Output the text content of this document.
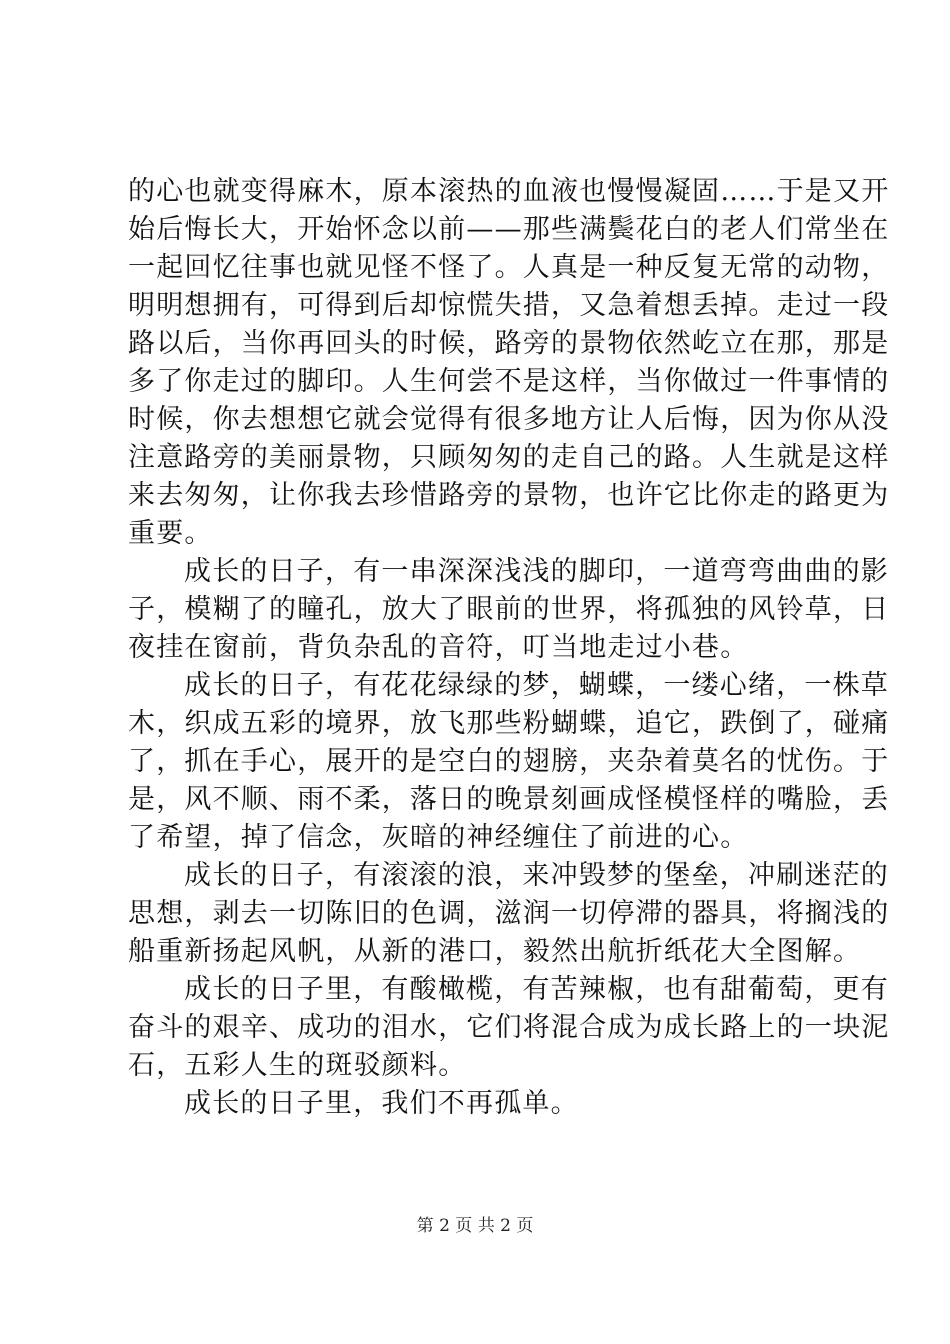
的心也就变得麻木，原本滚热的血液也慢慢凝固……于是又开
始后悔长大，开始怀念以前——那些满鬓花白的老人们常坐在
一起回忆往事也就见怪不怪了。人真是一种反复无常的动物，
明明想拥有，可得到后却惊慌失措，又急着想丢掉。走过一段
路以后，当你再回头的时候，路旁的景物依然屹立在那，那是
多了你走过的脚印。人生何尝不是这样，当你做过一件事情的
时候，你去想想它就会觉得有很多地方让人后悔，因为你从没
注意路旁的美丽景物，只顾匆匆的走自己的路。人生就是这样
来去匆匆，让你我去珍惜路旁的景物，也许它比你走的路更为
重要。
成长的日子，有一串深深浅浅的脚印，一道弯弯曲曲的影
子，模糊了的瞳孔，放大了眼前的世界，将孤独的风铃草，日
夜挂在窗前，背负杂乱的音符，叮当地走过小巷。
成长的日子，有花花绿绿的梦，蝴蝶，一缕心绪，一株草
木，织成五彩的境界，放飞那些粉蝴蝶，追它，跌倒了，碰痛
了，抓在手心，展开的是空白的翅膀，夹杂着莫名的忧伤。于
是，风不顺、雨不柔，落日的晚景刻画成怪模怪样的嘴脸，丢
了希望，掉了信念，灰暗的神经缠住了前进的心。
成长的日子，有滚滚的浪，来冲毁梦的堡垒，冲刷迷茫的
思想，剥去一切陈旧的色调，滋润一切停滞的器具，将搁浅的
船重新扬起风帆，从新的港口，毅然出航折纸花大全图解。
成长的日子里，有酸橄榄，有苦辣椒，也有甜葡萄，更有
奋斗的艰辛、成功的泪水，它们将混合成为成长路上的一块泥
石，五彩人生的斑驳颜料。
成长的日子里，我们不再孤单。
第 2 页 共 2 页
